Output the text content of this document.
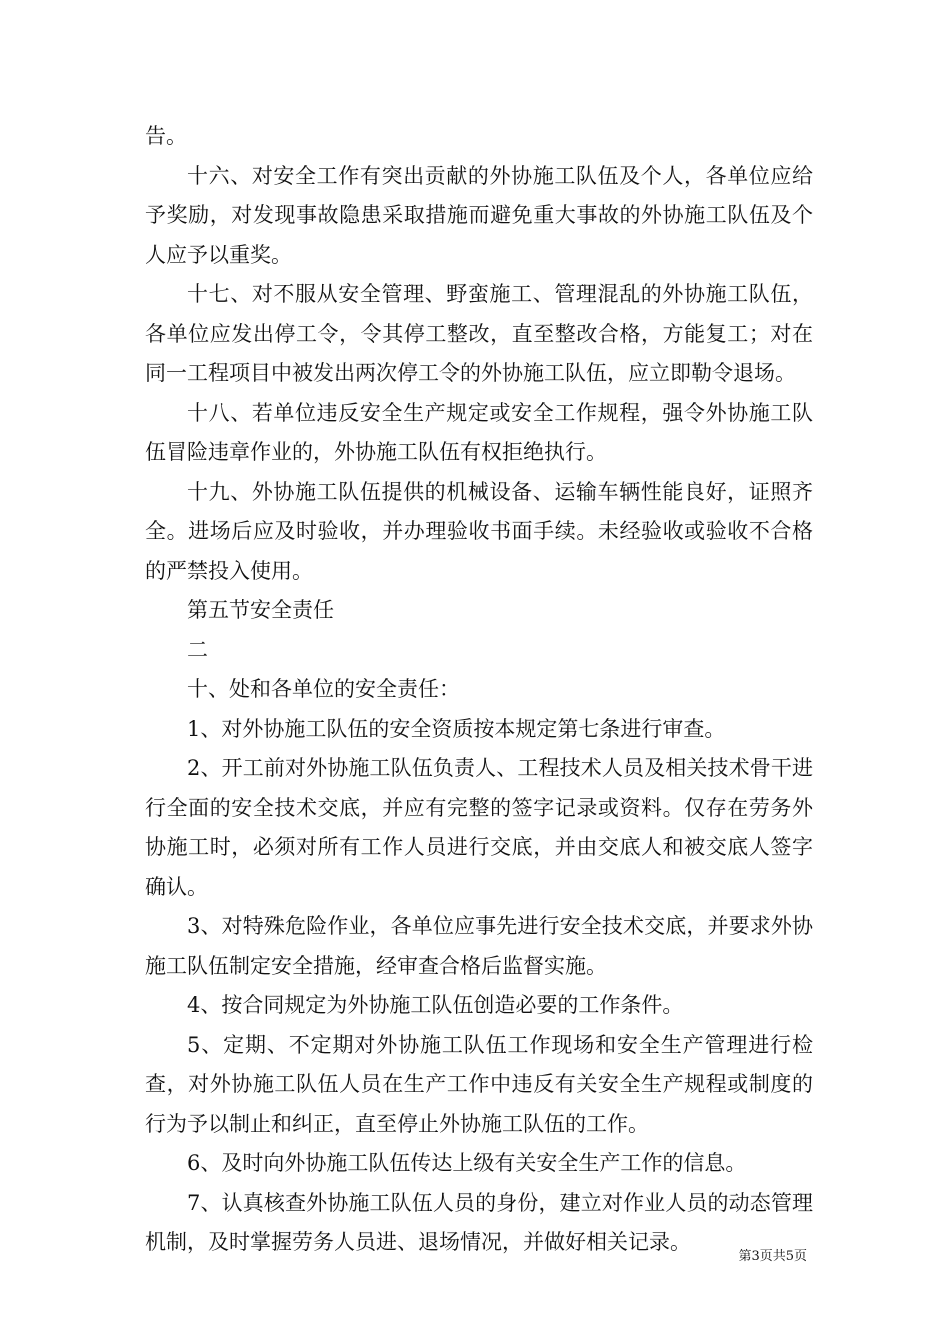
告。

十六、对安全工作有突出贡献的外协施工队伍及个人，各单位应给予奖励，对发现事故隐患采取措施而避免重大事故的外协施工队伍及个人应予以重奖。

十七、对不服从安全管理、野蛮施工、管理混乱的外协施工队伍，各单位应发出停工令，令其停工整改，直至整改合格，方能复工；对在同一工程项目中被发出两次停工令的外协施工队伍，应立即勒令退场。

十八、若单位违反安全生产规定或安全工作规程，强令外协施工队伍冒险违章作业的，外协施工队伍有权拒绝执行。

十九、外协施工队伍提供的机械设备、运输车辆性能良好，证照齐全。进场后应及时验收，并办理验收书面手续。未经验收或验收不合格的严禁投入使用。

第五节安全责任

二

十、处和各单位的安全责任：

1、对外协施工队伍的安全资质按本规定第七条进行审查。

2、开工前对外协施工队伍负责人、工程技术人员及相关技术骨干进行全面的安全技术交底，并应有完整的签字记录或资料。仅存在劳务外协施工时，必须对所有工作人员进行交底，并由交底人和被交底人签字确认。

3、对特殊危险作业，各单位应事先进行安全技术交底，并要求外协施工队伍制定安全措施，经审查合格后监督实施。

4、按合同规定为外协施工队伍创造必要的工作条件。

5、定期、不定期对外协施工队伍工作现场和安全生产管理进行检查，对外协施工队伍人员在生产工作中违反有关安全生产规程或制度的行为予以制止和纠正，直至停止外协施工队伍的工作。

6、及时向外协施工队伍传达上级有关安全生产工作的信息。

7、认真核查外协施工队伍人员的身份，建立对作业人员的动态管理机制，及时掌握劳务人员进、退场情况，并做好相关记录。

第3页共5页
